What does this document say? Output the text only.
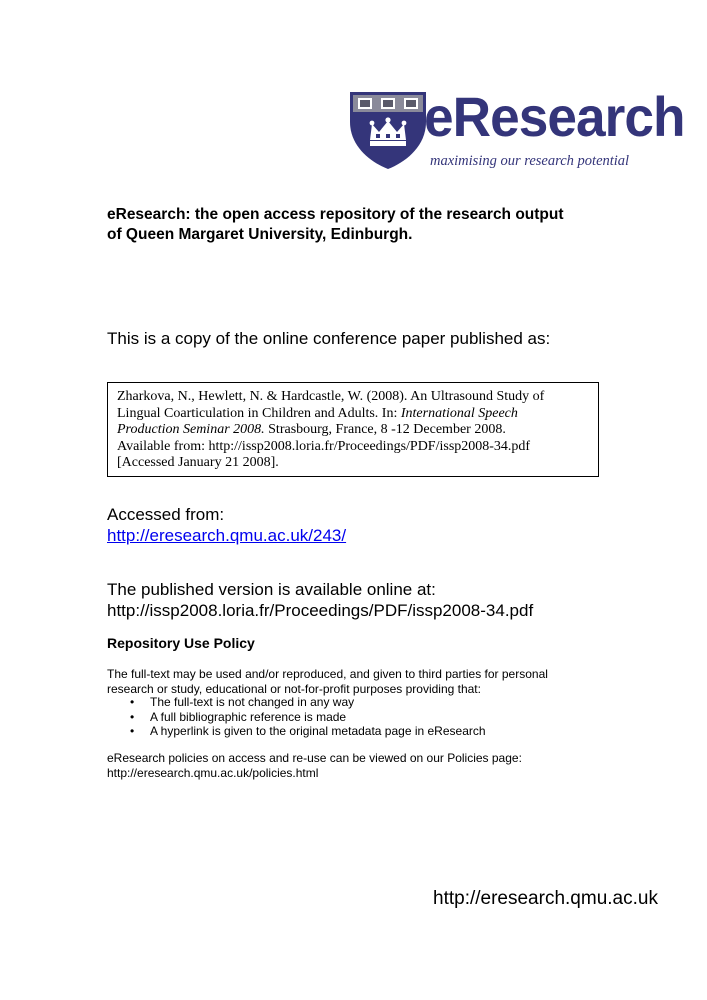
eResearch
maximising our research potential
eResearch: the open access repository of the research output
of Queen Margaret University, Edinburgh.

This is a copy of the online conference paper published as:

Zharkova, N., Hewlett, N. & Hardcastle, W. (2008). An Ultrasound Study of
Lingual Coarticulation in Children and Adults. In: International Speech
Production Seminar 2008. Strasbourg, France, 8 -12 December 2008.
Available from: http://issp2008.loria.fr/Proceedings/PDF/issp2008-34.pdf
[Accessed January 21 2008].
Accessed from:
http://eresearch.qmu.ac.uk/243/
The published version is available online at:
http://issp2008.loria.fr/Proceedings/PDF/issp2008-34.pdf
Repository Use Policy

The full-text may be used and/or reproduced, and given to third parties for personal
research or study, educational or not-for-profit purposes providing that:

• The full-text is not changed in any way
• A full bibliographic reference is made
• A hyperlink is given to the original metadata page in eResearch

eResearch policies on access and re-use can be viewed on our Policies page:
http://eresearch.qmu.ac.uk/policies.html

http://eresearch.qmu.ac.uk
